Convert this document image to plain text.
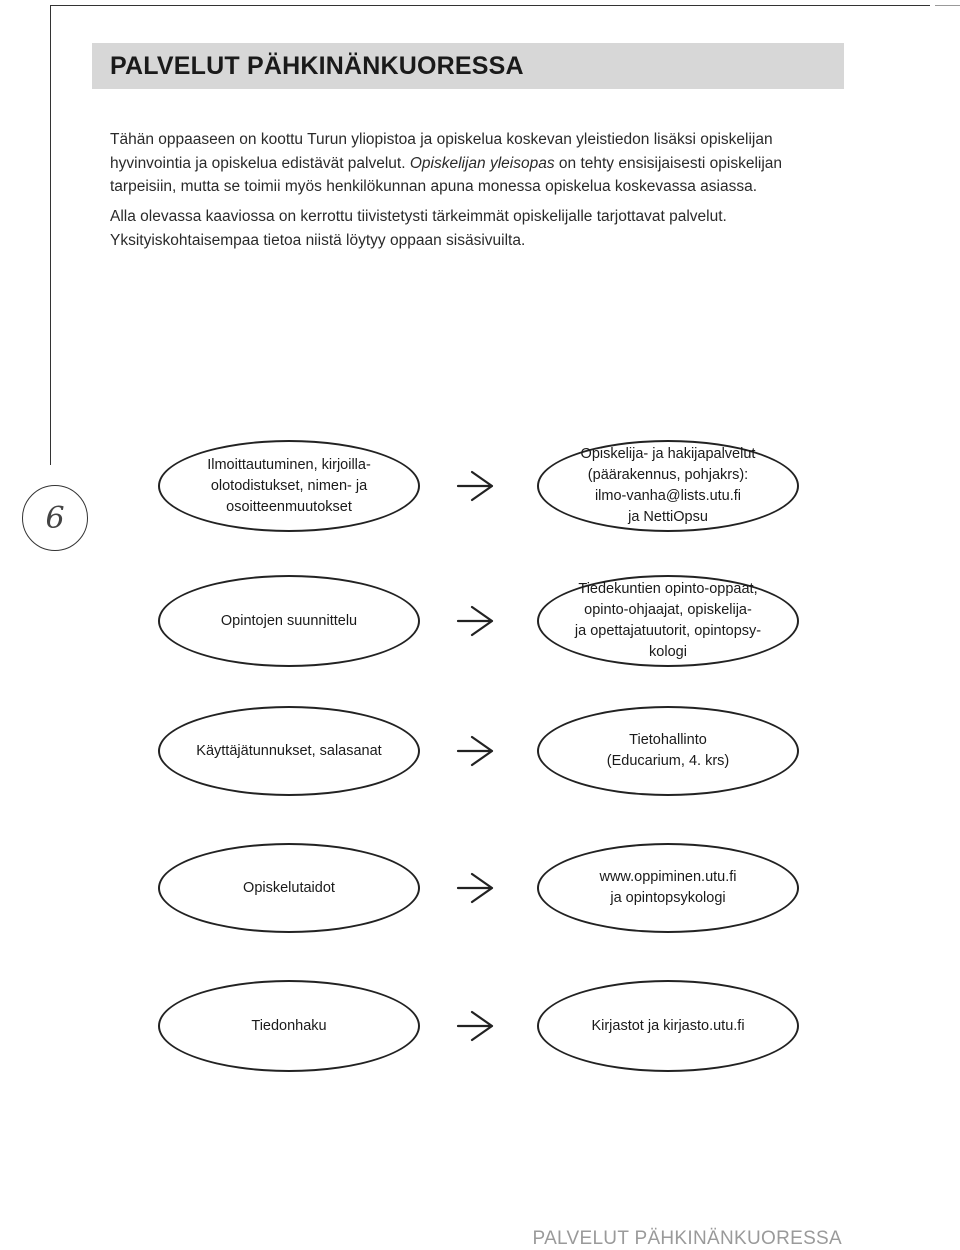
PALVELUT PÄHKINÄNKUORESSA

Tähän oppaaseen on koottu Turun yliopistoa ja opiskelua koskevan yleistiedon lisäksi opiskelijan hyvinvointia ja opiskelua edistävät palvelut. Opiskelijan yleisopas on tehty ensisijaisesti opiskelijan tarpeisiin, mutta se toimii myös henkilökunnan apuna monessa opiskelua koskevassa asiassa.

Alla olevassa kaaviossa on kerrottu tiivistetysti tärkeimmät opiskelijalle tarjottavat palvelut. Yksityiskohtaisempaa tietoa niistä löytyy oppaan sisäsivuilta.

6
Ilmoittautuminen, kirjoilla-
olotodistukset, nimen- ja
osoitteenmuutokset
Opiskelija- ja hakijapalvelut
(päärakennus, pohjakrs):
ilmo-vanha@lists.utu.fi
ja NettiOpsu
Opintojen suunnittelu
Tiedekuntien opinto-oppaat,
opinto-ohjaajat, opiskelija-
ja opettajatuutorit, opintopsy-
kologi
Käyttäjätunnukset, salasanat
Tietohallinto
(Educarium, 4. krs)
Opiskelutaidot
www.oppiminen.utu.fi
ja opintopsykologi
Tiedonhaku	Kirjastot ja kirjasto.utu.fi
PALVELUT PÄHKINÄNKUORESSA
